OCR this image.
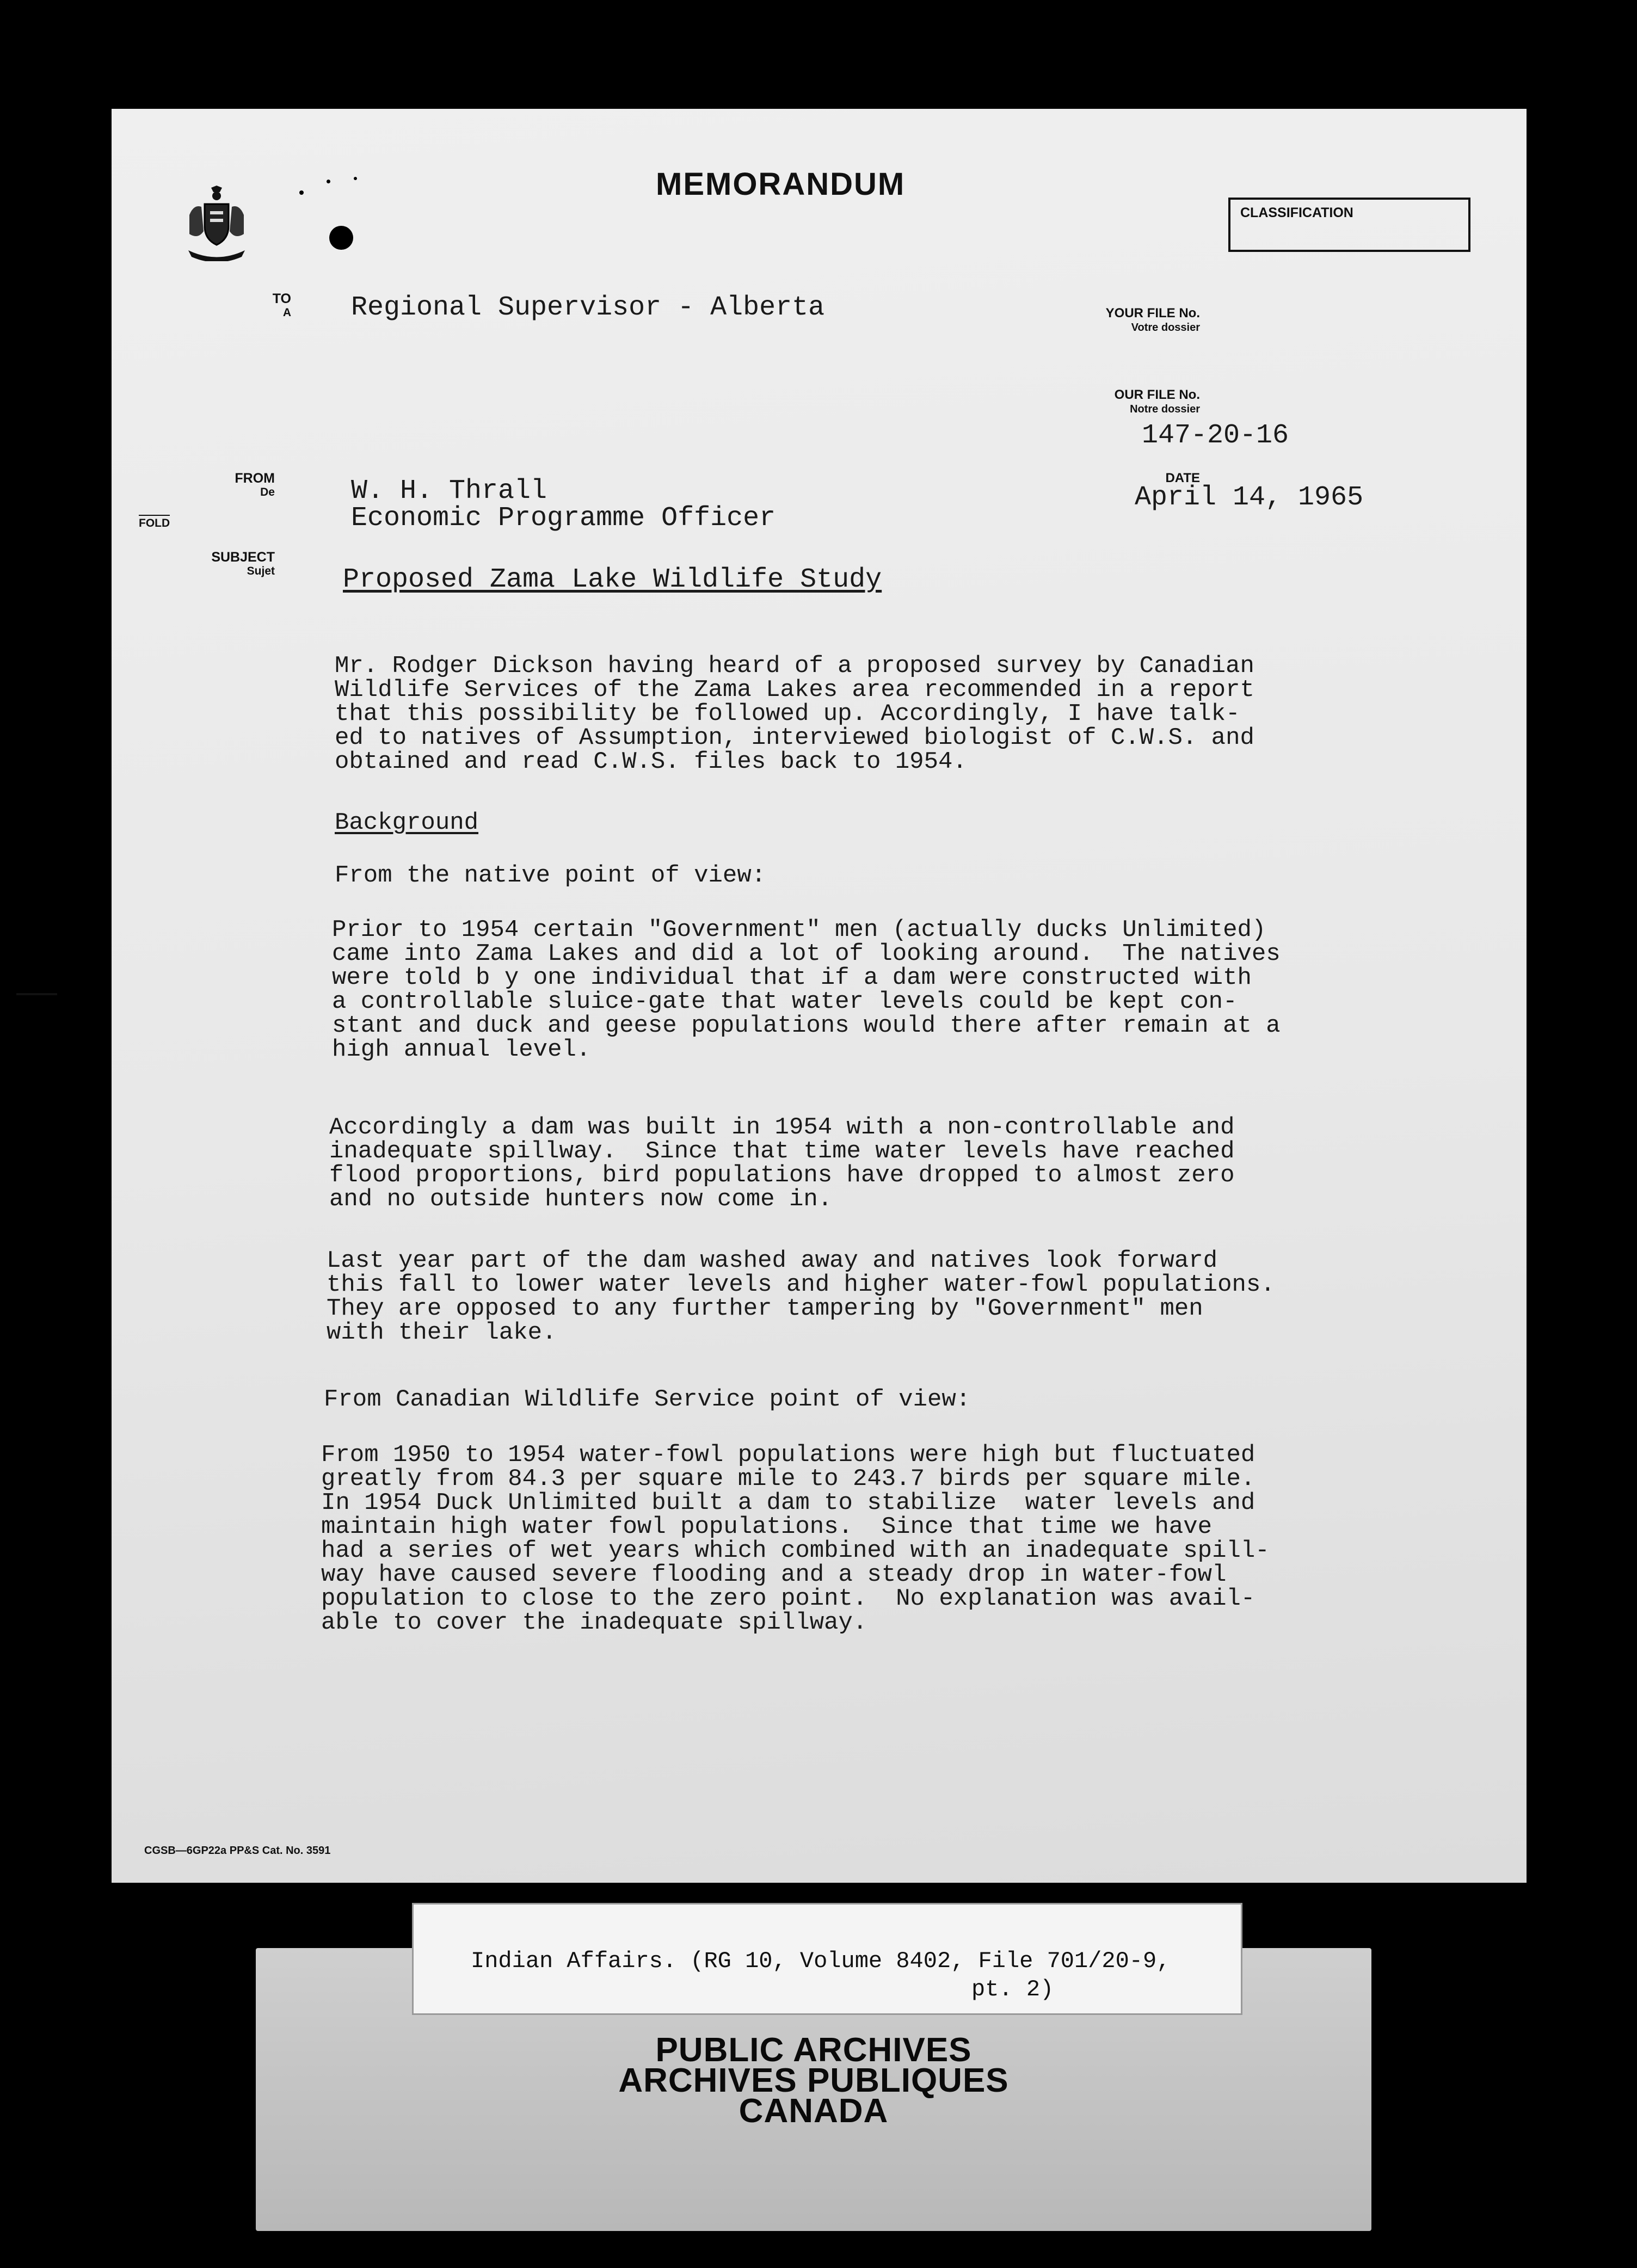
MEMORANDUM
CLASSIFICATION
TO
A
FROM
De
FOLD
SUBJECT
Sujet
YOUR FILE No.
Votre dossier
OUR FILE No.
Notre dossier
DATE
Regional Supervisor - Alberta
147-20-16
April 14, 1965
W. H. Thrall
Economic Programme Officer
Proposed Zama Lake Wildlife Study
Mr. Rodger Dickson having heard of a proposed survey by Canadian
Wildlife Services of the Zama Lakes area recommended in a report
that this possibility be followed up. Accordingly, I have talk-
ed to natives of Assumption, interviewed biologist of C.W.S. and
obtained and read C.W.S. files back to 1954.
Background
From the native point of view:
Prior to 1954 certain "Government" men (actually ducks Unlimited)
came into Zama Lakes and did a lot of looking around.  The natives
were told b y one individual that if a dam were constructed with
a controllable sluice-gate that water levels could be kept con-
stant and duck and geese populations would there after remain at a
high annual level.
Accordingly a dam was built in 1954 with a non-controllable and
inadequate spillway.  Since that time water levels have reached
flood proportions, bird populations have dropped to almost zero
and no outside hunters now come in.
Last year part of the dam washed away and natives look forward
this fall to lower water levels and higher water-fowl populations.
They are opposed to any further tampering by "Government" men
with their lake.
From Canadian Wildlife Service point of view:
From 1950 to 1954 water-fowl populations were high but fluctuated
greatly from 84.3 per square mile to 243.7 birds per square mile.
In 1954 Duck Unlimited built a dam to stabilize  water levels and
maintain high water fowl populations.  Since that time we have
had a series of wet years which combined with an inadequate spill-
way have caused severe flooding and a steady drop in water-fowl
population to close to the zero point.  No explanation was avail-
able to cover the inadequate spillway.
CGSB—6GP22a PP&S Cat. No. 3591
Indian Affairs. (RG 10, Volume 8402, File 701/20-9,
pt. 2)
PUBLIC ARCHIVES
ARCHIVES PUBLIQUES
CANADA
